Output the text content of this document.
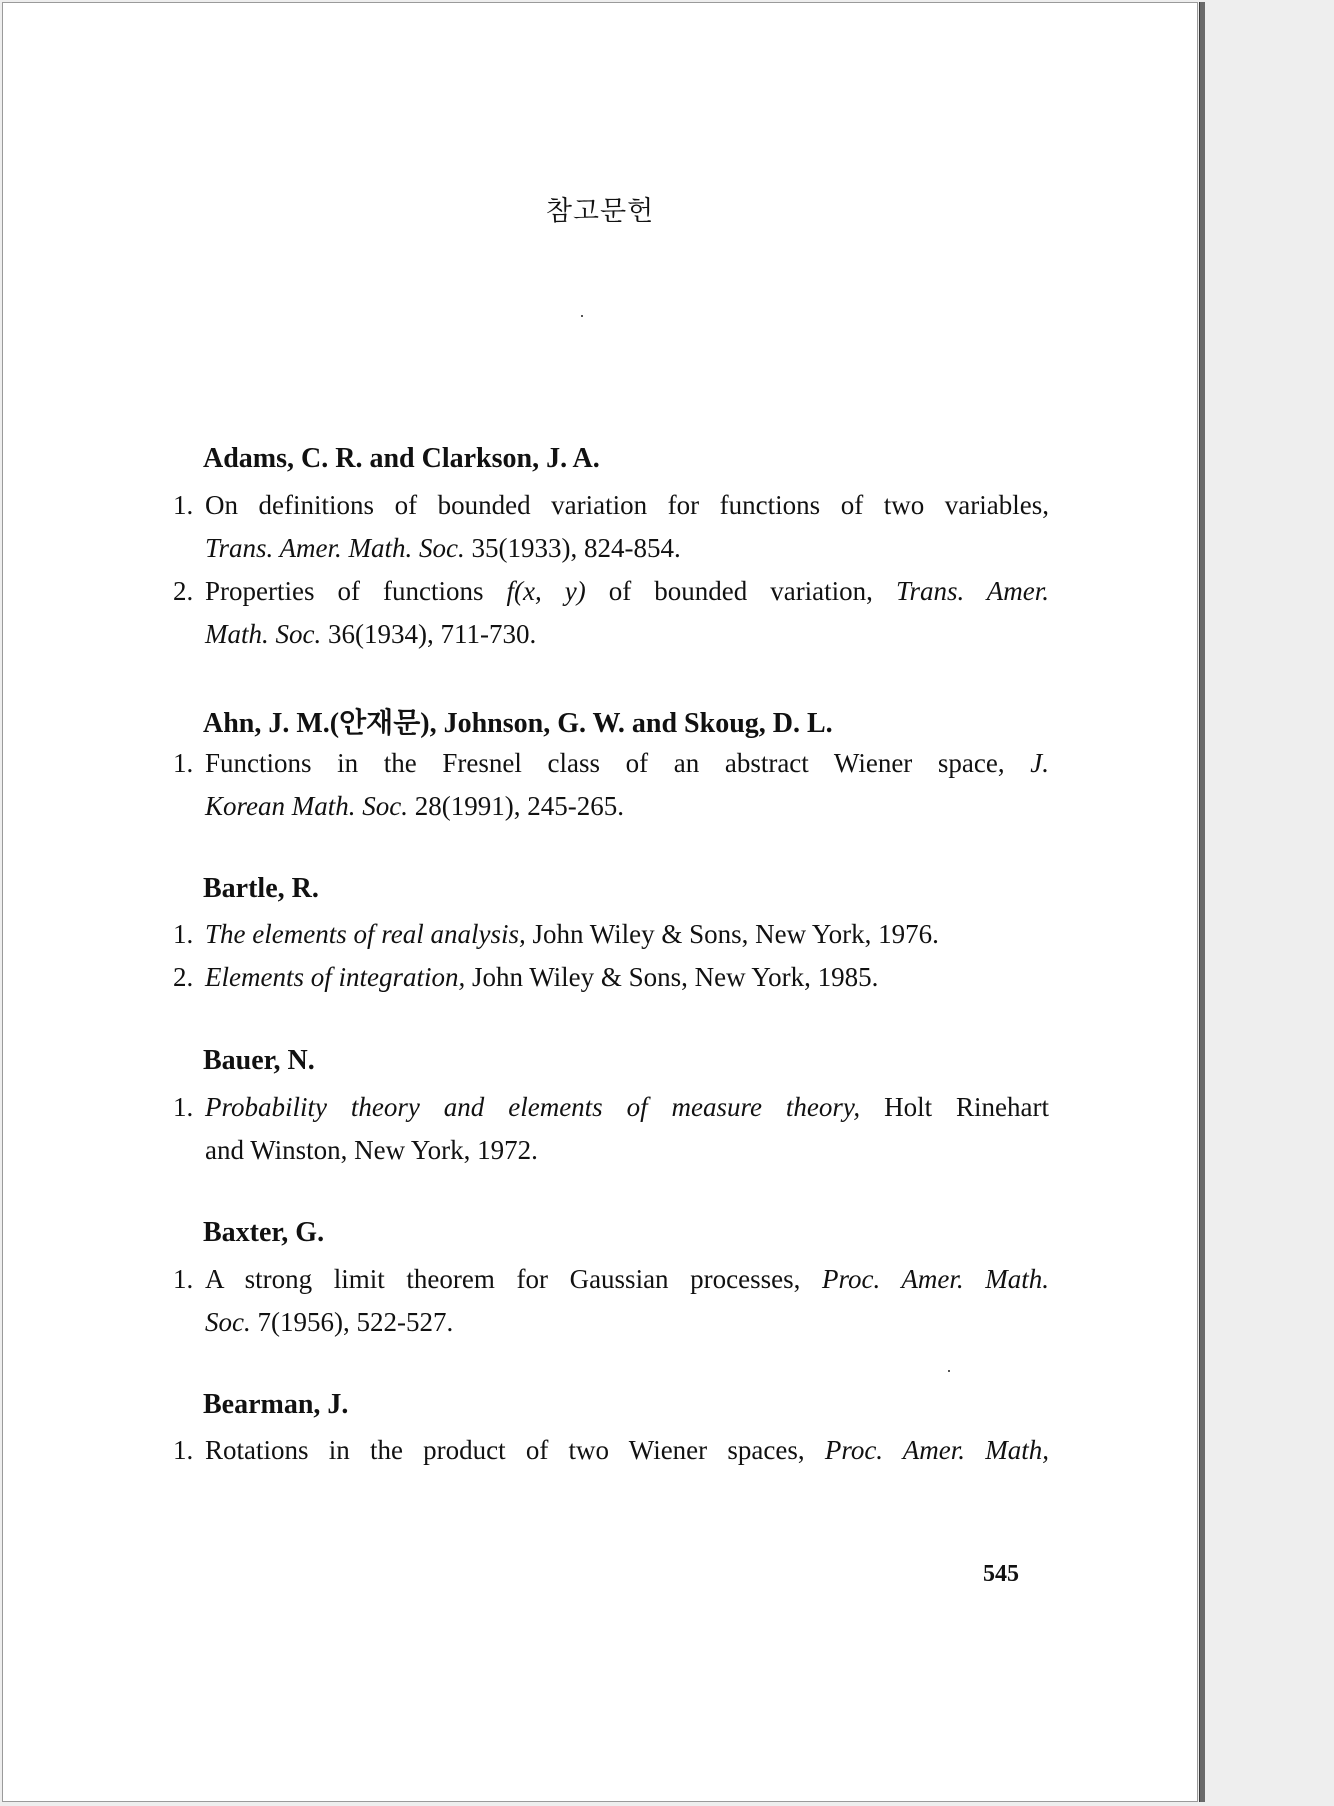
참고문헌
Adams, C. R. and Clarkson, J. A.
1. On definitions of bounded variation for functions of two variables,
Trans. Amer. Math. Soc. 35(1933), 824-854.
2. Properties of functions f(x, y) of bounded variation, Trans. Amer.
Math. Soc. 36(1934), 711-730.
Ahn, J. M.(안재문), Johnson, G. W. and Skoug, D. L.
1. Functions in the Fresnel class of an abstract Wiener space, J.
Korean Math. Soc. 28(1991), 245-265.
Bartle, R.
1. The elements of real analysis, John Wiley & Sons, New York, 1976.
2. Elements of integration, John Wiley & Sons, New York, 1985.
Bauer, N.
1. Probability theory and elements of measure theory, Holt Rinehart
and Winston, New York, 1972.
Baxter, G.
1. A strong limit theorem for Gaussian processes, Proc. Amer. Math.
Soc. 7(1956), 522-527.
Bearman, J.
1. Rotations in the product of two Wiener spaces, Proc. Amer. Math,
545
